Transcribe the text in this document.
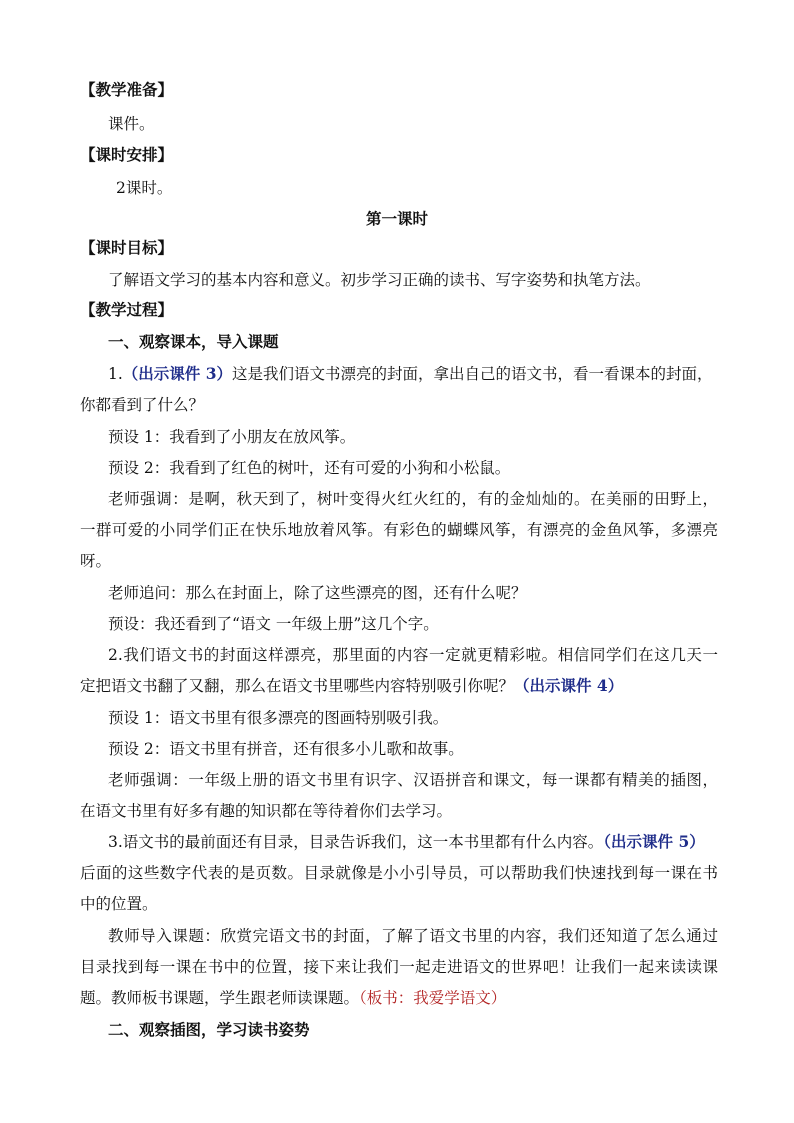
【教学准备】
课件。
【课时安排】
2课时。
第一课时
【课时目标】
了解语文学习的基本内容和意义。初步学习正确的读书、写字姿势和执笔方法。
【教学过程】
一、观察课本，导入课题
1.（出示课件 3）这是我们语文书漂亮的封面，拿出自己的语文书，看一看课本的封面，
你都看到了什么？
预设 1：我看到了小朋友在放风筝。
预设 2：我看到了红色的树叶，还有可爱的小狗和小松鼠。
老师强调：是啊，秋天到了，树叶变得火红火红的，有的金灿灿的。在美丽的田野上，
一群可爱的小同学们正在快乐地放着风筝。有彩色的蝴蝶风筝，有漂亮的金鱼风筝，多漂亮
呀。
老师追问：那么在封面上，除了这些漂亮的图，还有什么呢？
预设：我还看到了“语文 一年级上册”这几个字。
2.我们语文书的封面这样漂亮，那里面的内容一定就更精彩啦。相信同学们在这几天一
定把语文书翻了又翻，那么在语文书里哪些内容特别吸引你呢？（出示课件 4）
预设 1：语文书里有很多漂亮的图画特别吸引我。
预设 2：语文书里有拼音，还有很多小儿歌和故事。
老师强调：一年级上册的语文书里有识字、汉语拼音和课文，每一课都有精美的插图，
在语文书里有好多有趣的知识都在等待着你们去学习。
3.语文书的最前面还有目录，目录告诉我们，这一本书里都有什么内容。（出示课件 5）
后面的这些数字代表的是页数。目录就像是小小引导员，可以帮助我们快速找到每一课在书
中的位置。
教师导入课题：欣赏完语文书的封面，了解了语文书里的内容，我们还知道了怎么通过
目录找到每一课在书中的位置，接下来让我们一起走进语文的世界吧！让我们一起来读读课
题。教师板书课题，学生跟老师读课题。（板书：我爱学语文）
二、观察插图，学习读书姿势
